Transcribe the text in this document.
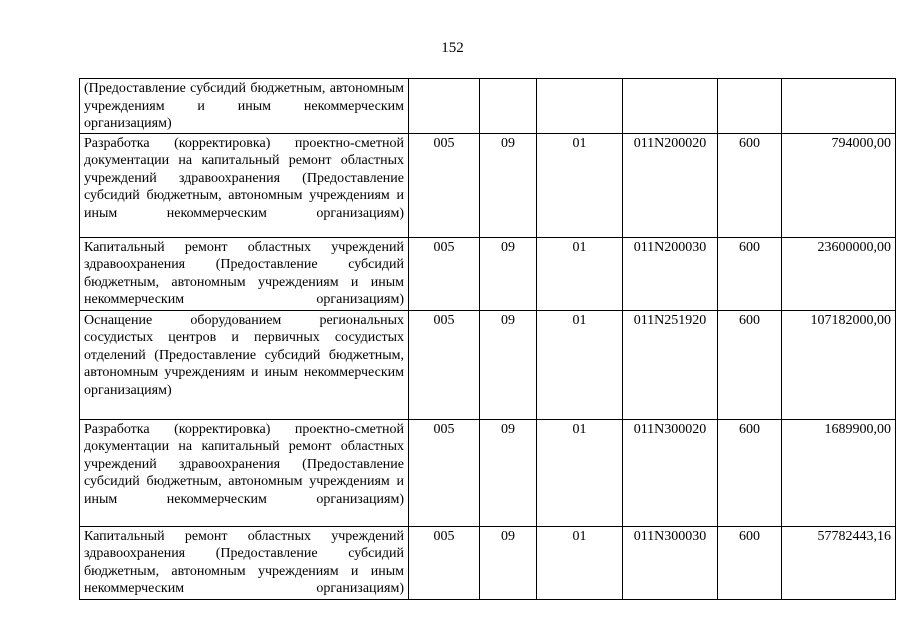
152
(Предоставление субсидий бюджетным, автономным учреждениям и иным некоммерческим организациям)						

Разработка (корректировка) проектно-сметной документации на капитальный ремонт областных учреждений здравоохранения (Предоставление субсидий бюджетным, автономным учреждениям и иным некоммерческим организациям)	005	09	01	011N200020	600	794000,00

Капитальный ремонт областных учреждений здравоохранения (Предоставление субсидий бюджетным, автономным учреждениям и иным некоммерческим организациям)	005	09	01	011N200030	600	23600000,00

Оснащение оборудованием региональных сосудистых центров и первичных сосудистых отделений (Предоставление субсидий бюджетным, автономным учреждениям и иным некоммерческим организациям)	005	09	01	011N251920	600	107182000,00

Разработка (корректировка) проектно-сметной документации на капитальный ремонт областных учреждений здравоохранения (Предоставление субсидий бюджетным, автономным учреждениям и иным некоммерческим организациям)	005	09	01	011N300020	600	1689900,00

Капитальный ремонт областных учреждений здравоохранения (Предоставление субсидий бюджетным, автономным учреждениям и иным некоммерческим организациям)	005	09	01	011N300030	600	57782443,16
